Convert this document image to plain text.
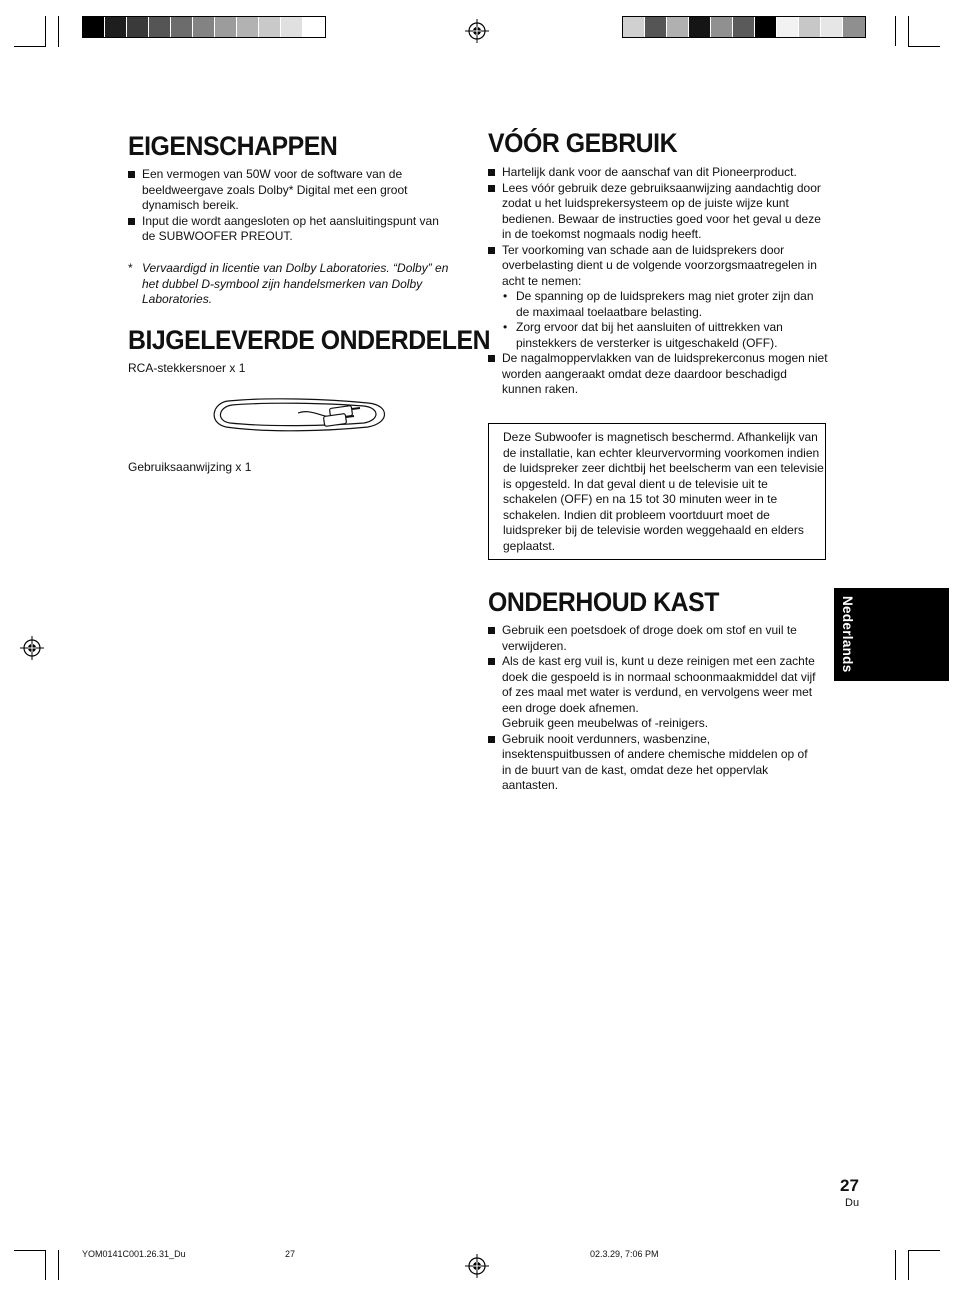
EIGENSCHAPPEN
Een vermogen van 50W voor de software van de beeldweergave zoals Dolby* Digital met een groot dynamisch bereik.
Input die wordt aangesloten op het aansluitingspunt van de SUBWOOFER PREOUT.
* Vervaardigd in licentie van Dolby Laboratories. “Dolby” en het dubbel D-symbool zijn handelsmerken van Dolby Laboratories.

BIJGELEVERDE ONDERDELEN

RCA-stekkersnoer x 1

Gebruiksaanwijzing x 1

VÓÓR GEBRUIK
Hartelijk dank voor de aanschaf van dit Pioneerproduct.
Lees vóór gebruik deze gebruiksaanwijzing aandachtig door zodat u het luidsprekersysteem op de juiste wijze kunt bedienen. Bewaar de instructies goed voor het geval u deze in de toekomst nogmaals nodig heeft.
Ter voorkoming van schade aan de luidsprekers door overbelasting dient u de volgende voorzorgsmaatregelen in acht te nemen:
• De spanning op de luidsprekers mag niet groter zijn dan de maximaal toelaatbare belasting.
• Zorg ervoor dat bij het aansluiten of uittrekken van pinstekkers de versterker is uitgeschakeld (OFF).
De nagalmoppervlakken van de luidsprekerconus mogen niet worden aangeraakt omdat deze daardoor beschadigd kunnen raken.
Deze Subwoofer is magnetisch beschermd. Afhankelijk van de installatie, kan echter kleurvervorming voorkomen indien de luidspreker zeer dichtbij het beelscherm van een televisie is opgesteld. In dat geval dient u de televisie uit te schakelen (OFF) en na 15 tot 30 minuten weer in te schakelen. Indien dit probleem voortduurt moet de luidspreker bij de televisie worden weggehaald en elders geplaatst.
ONDERHOUD KAST
Gebruik een poetsdoek of droge doek om stof en vuil te verwijderen.
Als de kast erg vuil is, kunt u deze reinigen met een zachte doek die gespoeld is in normaal schoonmaakmiddel dat vijf of zes maal met water is verdund, en vervolgens weer met een droge doek afnemen.
Gebruik geen meubelwas of -reinigers.
Gebruik nooit verdunners, wasbenzine, insektenspuitbussen of andere chemische middelen op of in de buurt van de kast, omdat deze het oppervlak aantasten.
Nederlands
27
Du
YOM0141C001.26.31_Du	27	02.3.29, 7:06 PM
